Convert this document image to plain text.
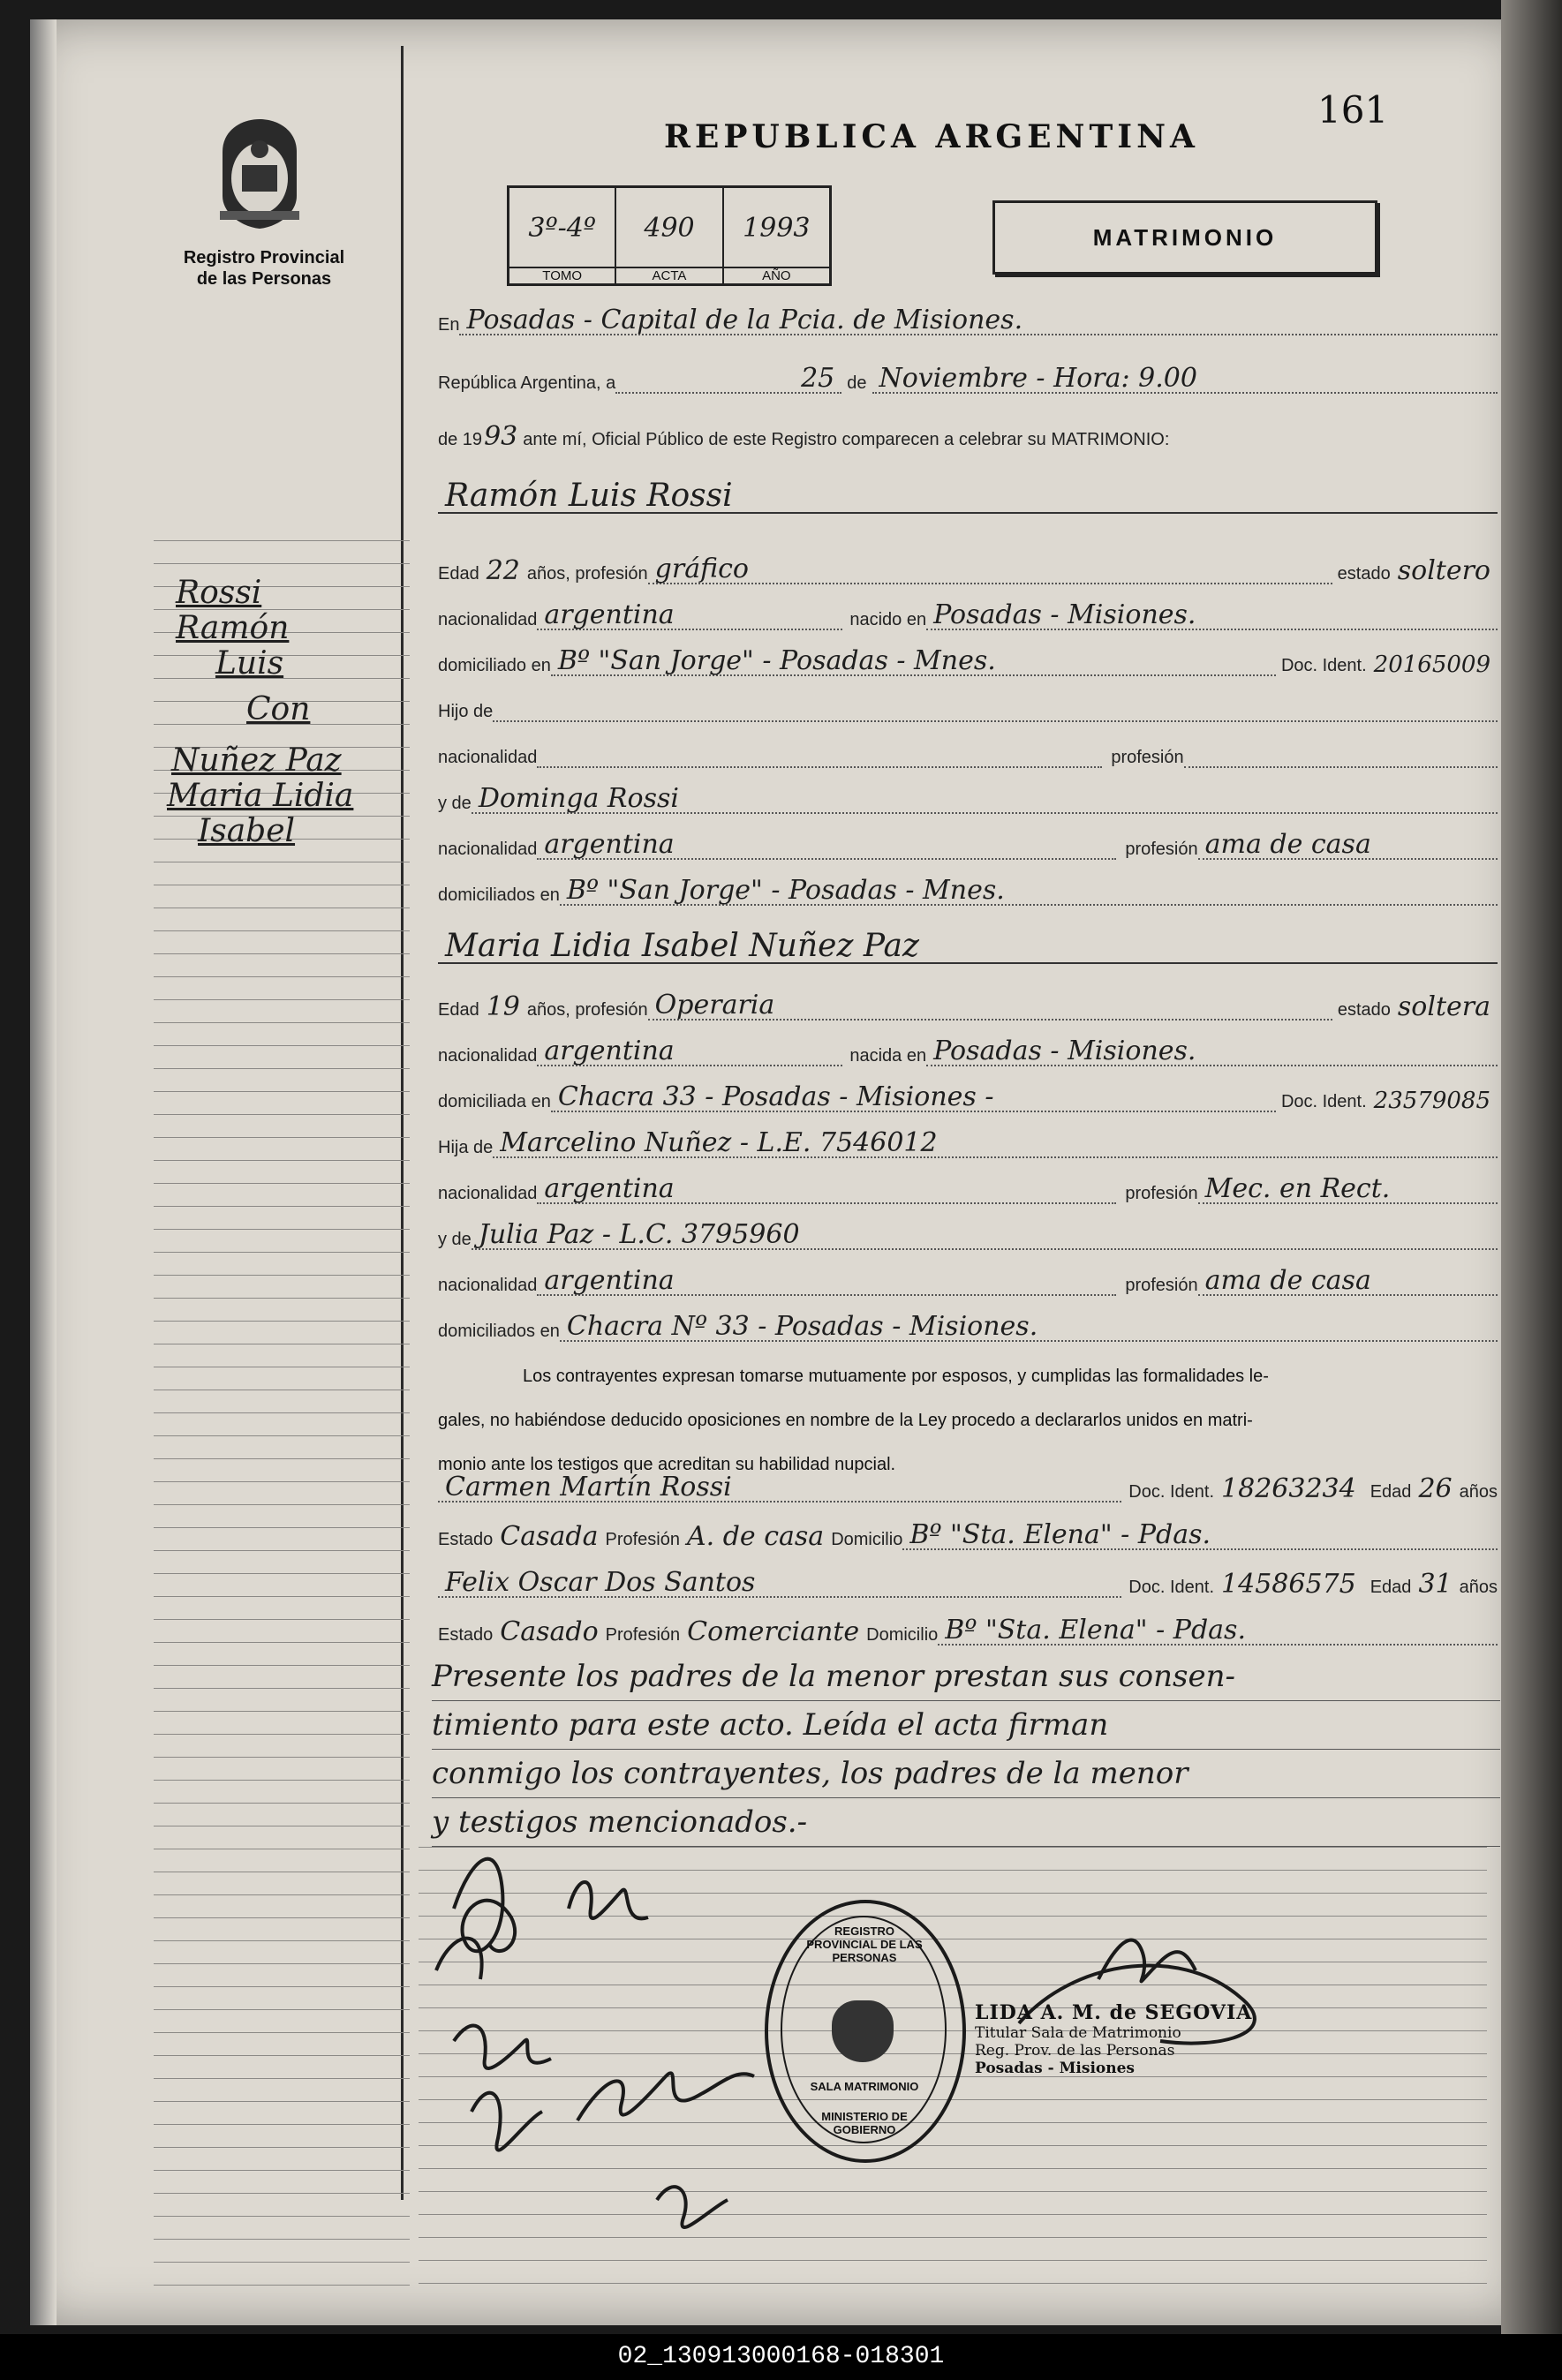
161
Registro Provincial
de las Personas
Rossi
Ramón
Luis
Con
Nuñez Paz
Maria Lidia
Isabel
REPUBLICA ARGENTINA
3º-4º
TOMO
490
ACTA
1993
AÑO
MATRIMONIO
En Posadas - Capital de la Pcia. de Misiones.
República Argentina, a	25 de Noviembre - Hora: 9.00
de 19 93 ante mí, Oficial Público de este Registro comparecen a celebrar su MATRIMONIO:
Ramón Luis Rossi
Edad 22 años, profesión gráfico	estado soltero
nacionalidad argentina	nacido en Posadas - Misiones.
domiciliado en Bº "San Jorge" - Posadas - Mnes.	Doc. Ident. 20165009
Hijo de
nacionalidad	profesión
y de Dominga Rossi
nacionalidad argentina	profesión ama de casa
domiciliados en Bº "San Jorge" - Posadas - Mnes.
Maria Lidia Isabel Nuñez Paz
Edad 19 años, profesión Operaria	estado soltera
nacionalidad argentina	nacida en Posadas - Misiones.
domiciliada en Chacra 33 - Posadas - Misiones -	Doc. Ident. 23579085
Hija de Marcelino Nuñez - L.E. 7546012
nacionalidad argentina	profesión Mec. en Rect.
y de Julia Paz - L.C. 3795960
nacionalidad argentina	profesión ama de casa
domiciliados en Chacra Nº 33 - Posadas - Misiones.
Los contrayentes expresan tomarse mutuamente por esposos, y cumplidas las formalidades le-
gales, no habiéndose deducido oposiciones en nombre de la Ley procedo a declararlos unidos en matri-
monio ante los testigos que acreditan su habilidad nupcial.
Carmen Martín Rossi	Doc. Ident. 18263234 Edad 26 años
Estado Casada Profesión A. de casa Domicilio Bº "Sta. Elena" - Pdas.
Felix Oscar Dos Santos	Doc. Ident. 14586575 Edad 31 años
Estado Casado Profesión Comerciante Domicilio Bº "Sta. Elena" - Pdas.
Presente los padres de la menor prestan sus consen-
timiento para este acto. Leída el acta firman
conmigo los contrayentes, los padres de la menor
y testigos mencionados.-
REGISTRO PROVINCIAL DE LAS PERSONAS
SALA MATRIMONIO
MINISTERIO DE GOBIERNO
LIDA A. M. de SEGOVIA
Titular Sala de Matrimonio
Reg. Prov. de las Personas
Posadas - Misiones
02_130913000168-018301
